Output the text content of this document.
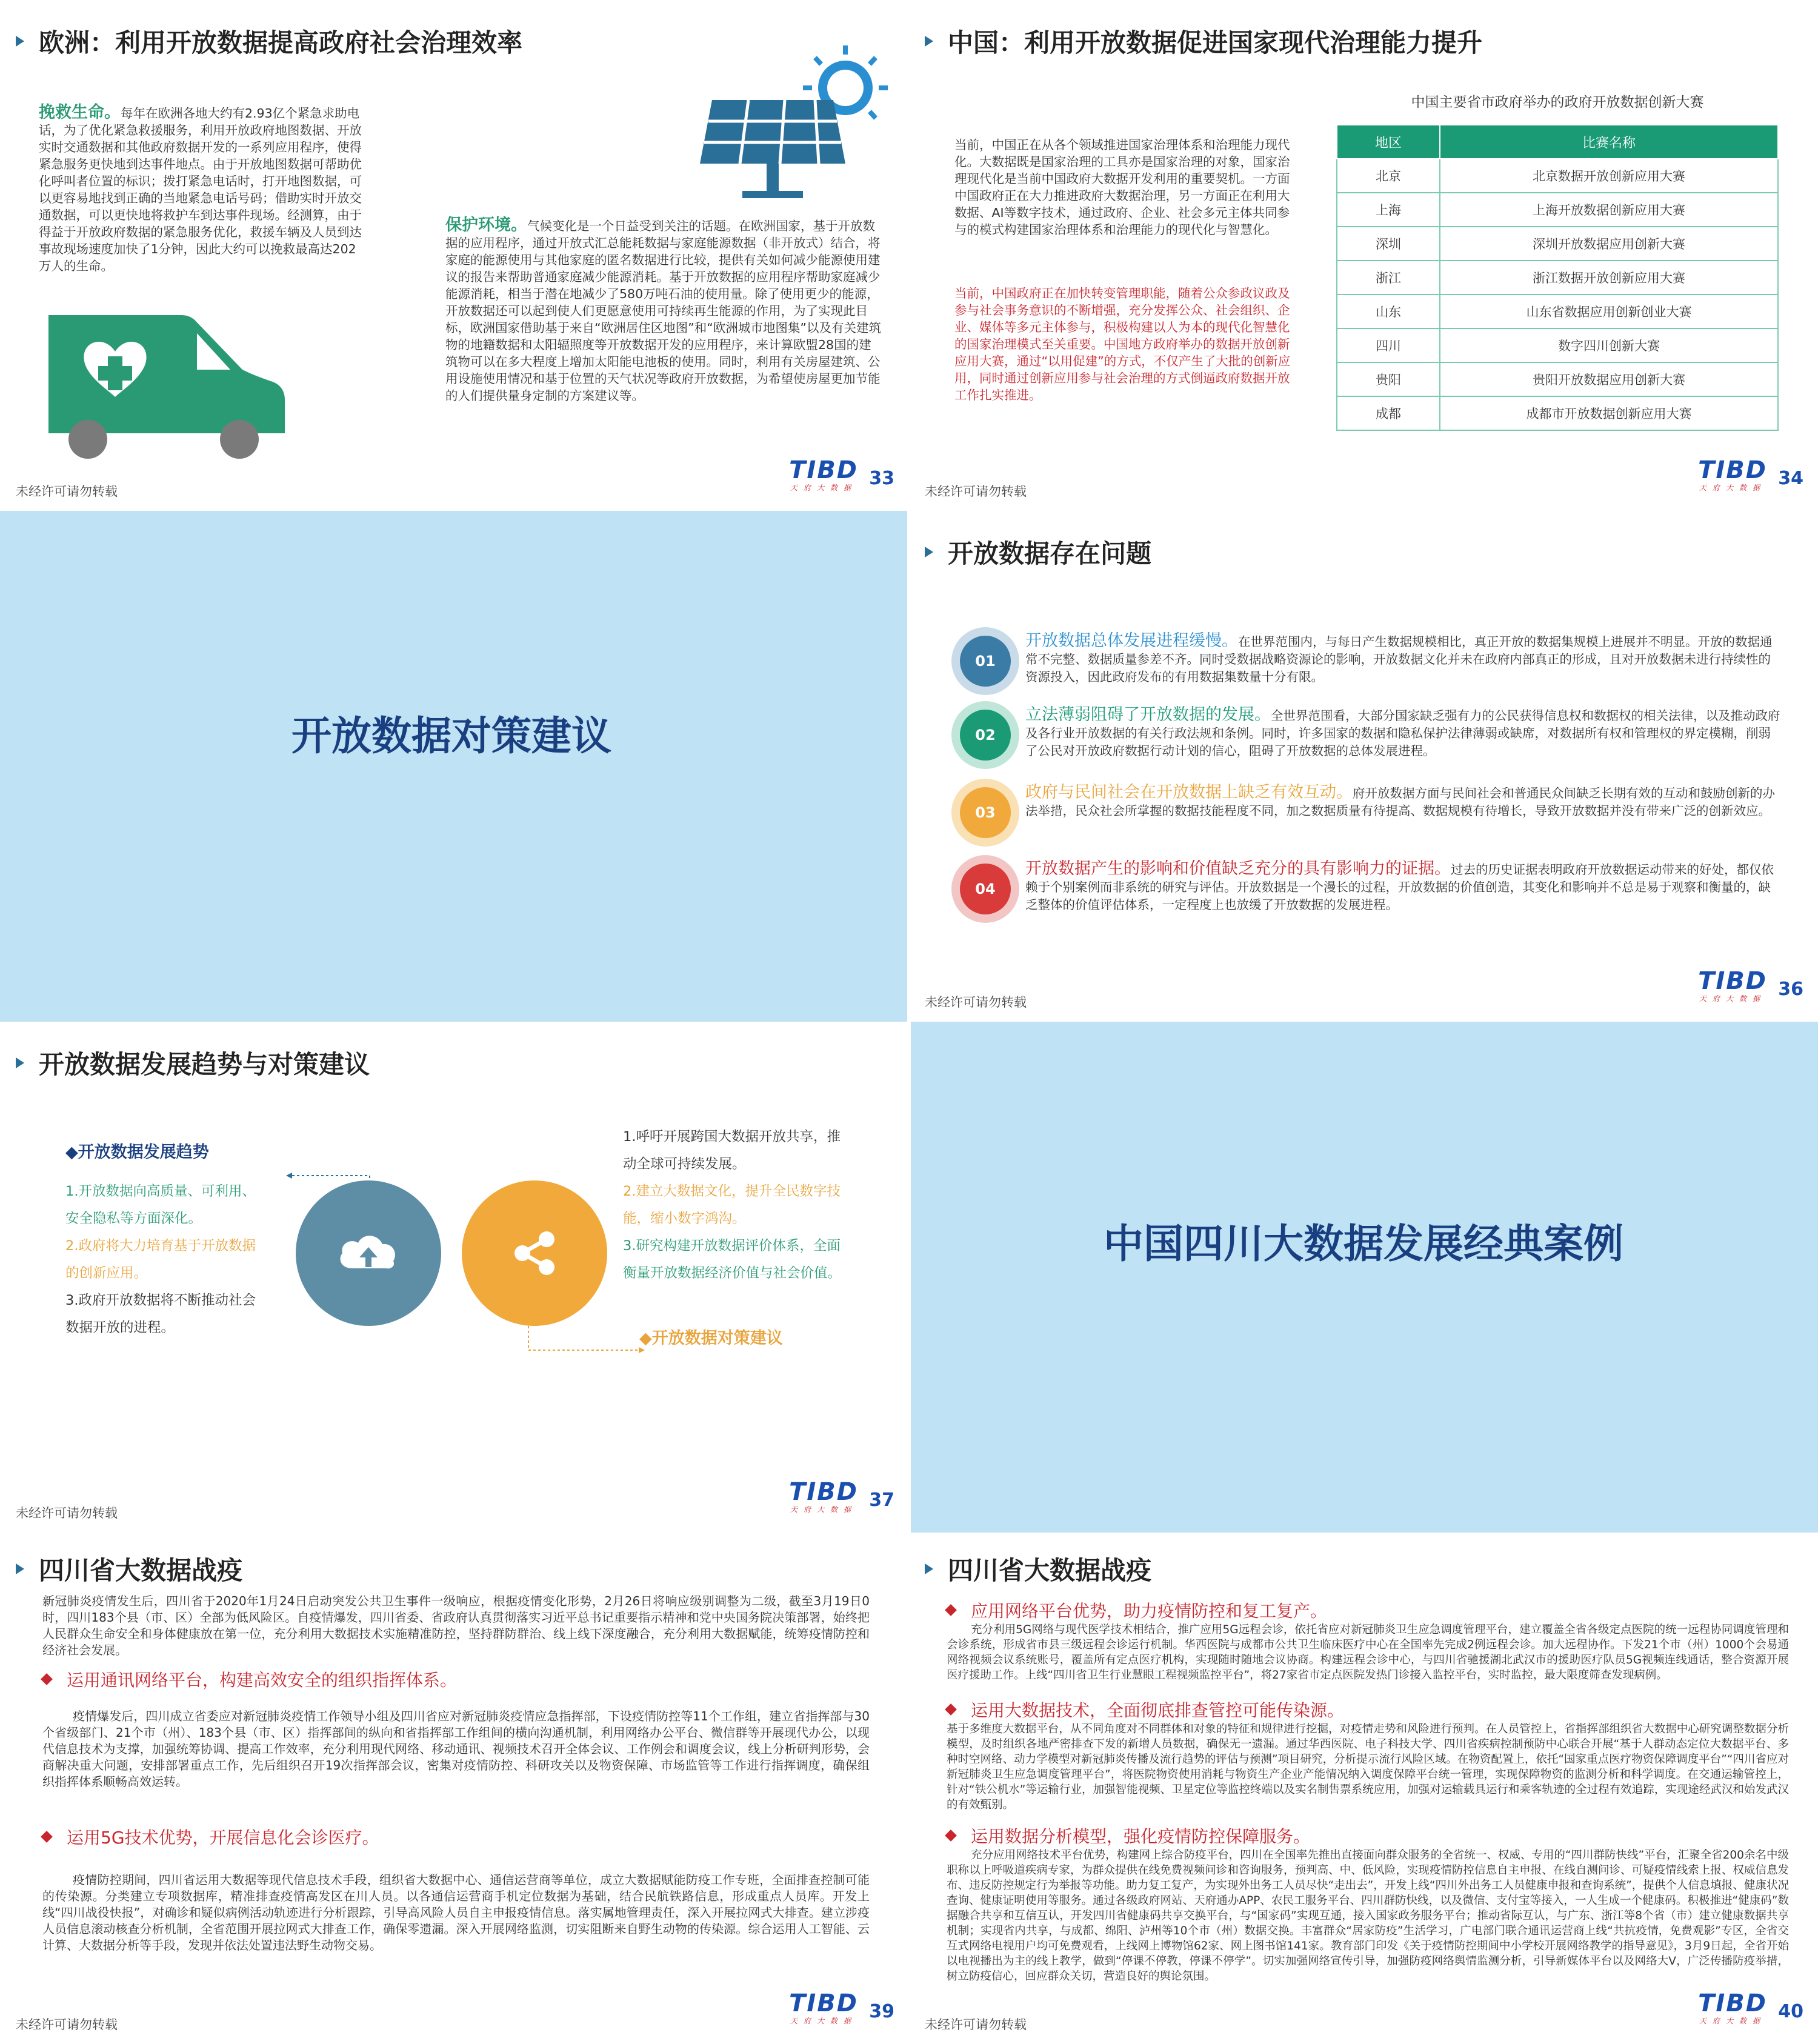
欧洲：利用开放数据提高政府社会治理效率

挽救生命。每年在欧洲各地大约有2.93亿个紧急求助电话，为了优化紧急救援服务，利用开放政府地图数据、开放实时交通数据和其他政府数据开发的一系列应用程序，使得紧急服务更快地到达事件地点。由于开放地图数据可帮助优化呼叫者位置的标识；拨打紧急电话时，打开地图数据，可以更容易地找到正确的当地紧急电话号码；借助实时开放交通数据，可以更快地将救护车到达事件现场。经测算，由于得益于开放政府数据的紧急服务优化，救援车辆及人员到达事故现场速度加快了1分钟，因此大约可以挽救最高达202万人的生命。

保护环境。气候变化是一个日益受到关注的话题。在欧洲国家，基于开放数据的应用程序，通过开放式汇总能耗数据与家庭能源数据（非开放式）结合，将家庭的能源使用与其他家庭的匿名数据进行比较，提供有关如何减少能源使用建议的报告来帮助普通家庭减少能源消耗。基于开放数据的应用程序帮助家庭减少能源消耗，相当于潜在地减少了580万吨石油的使用量。除了使用更少的能源，开放数据还可以起到使人们更愿意使用可持续再生能源的作用，为了实现此目标，欧洲国家借助基于来自“欧洲居住区地图”和“欧洲城市地图集”以及有关建筑物的地籍数据和太阳辐照度等开放数据开发的应用程序，来计算欧盟28国的建筑物可以在多大程度上增加太阳能电池板的使用。同时，利用有关房屋建筑、公用设施使用情况和基于位置的天气状况等政府开放数据，为希望使房屋更加节能的人们提供量身定制的方案建议等。

未经许可请勿转载
TIBD
天府大数据 33
中国：利用开放数据促进国家现代治理能力提升

当前，中国正在从各个领域推进国家治理体系和治理能力现代化。大数据既是国家治理的工具亦是国家治理的对象，国家治理现代化是当前中国政府大数据开发利用的重要契机。一方面中国政府正在大力推进政府大数据治理，另一方面正在利用大数据、AI等数字技术，通过政府、企业、社会多元主体共同参与的模式构建国家治理体系和治理能力的现代化与智慧化。

当前，中国政府正在加快转变管理职能，随着公众参政议政及参与社会事务意识的不断增强，充分发挥公众、社会组织、企业、媒体等多元主体参与，积极构建以人为本的现代化智慧化的国家治理模式至关重要。中国地方政府举办的数据开放创新应用大赛，通过“以用促建”的方式，不仅产生了大批的创新应用，同时通过创新应用参与社会治理的方式倒逼政府数据开放工作扎实推进。

中国主要省市政府举办的政府开放数据创新大赛
地区	比赛名称
北京	北京数据开放创新应用大赛
上海	上海开放数据创新应用大赛
深圳	深圳开放数据应用创新大赛
浙江	浙江数据开放创新应用大赛
山东	山东省数据应用创新创业大赛
四川	数字四川创新大赛
贵阳	贵阳开放数据应用创新大赛
成都	成都市开放数据创新应用大赛
未经许可请勿转载
TIBD
天府大数据 34
开放数据对策建议
开放数据存在问题
01
开放数据总体发展进程缓慢。在世界范围内，与每日产生数据规模相比，真正开放的数据集规模上进展并不明显。开放的数据通常不完整、数据质量参差不齐。同时受数据战略资源论的影响，开放数据文化并未在政府内部真正的形成，且对开放数据未进行持续性的资源投入，因此政府发布的有用数据集数量十分有限。
02
立法薄弱阻碍了开放数据的发展。全世界范围看，大部分国家缺乏强有力的公民获得信息权和数据权的相关法律，以及推动政府及各行业开放数据的有关行政法规和条例。同时，许多国家的数据和隐私保护法律薄弱或缺席，对数据所有权和管理权的界定模糊，削弱了公民对开放政府数据行动计划的信心，阻碍了开放数据的总体发展进程。
03
政府与民间社会在开放数据上缺乏有效互动。府开放数据方面与民间社会和普通民众间缺乏长期有效的互动和鼓励创新的办法举措，民众社会所掌握的数据技能程度不同，加之数据质量有待提高、数据规模有待增长，导致开放数据并没有带来广泛的创新效应。
04
开放数据产生的影响和价值缺乏充分的具有影响力的证据。过去的历史证据表明政府开放数据运动带来的好处，都仅依赖于个别案例而非系统的研究与评估。开放数据是一个漫长的过程，开放数据的价值创造，其变化和影响并不总是易于观察和衡量的，缺乏整体的价值评估体系，一定程度上也放缓了开放数据的发展进程。
未经许可请勿转载
TIBD
天府大数据 36
开放数据发展趋势与对策建议
◆开放数据发展趋势
1.开放数据向高质量、可利用、安全隐私等方面深化。
2.政府将大力培育基于开放数据的创新应用。
3.政府开放数据将不断推动社会数据开放的进程。
1.呼吁开展跨国大数据开放共享，推动全球可持续发展。
2.建立大数据文化，提升全民数字技能，缩小数字鸿沟。
3.研究构建开放数据评价体系，全面衡量开放数据经济价值与社会价值。
◆开放数据对策建议
未经许可请勿转载
TIBD
天府大数据 37
中国四川大数据发展经典案例
四川省大数据战疫

新冠肺炎疫情发生后，四川省于2020年1月24日启动突发公共卫生事件一级响应，根据疫情变化形势，2月26日将响应级别调整为二级，截至3月19日0时，四川183个县（市、区）全部为低风险区。自疫情爆发，四川省委、省政府认真贯彻落实习近平总书记重要指示精神和党中央国务院决策部署，始终把人民群众生命安全和身体健康放在第一位，充分利用大数据技术实施精准防控，坚持群防群治、线上线下深度融合，充分利用大数据赋能，统筹疫情防控和经济社会发展。

运用通讯网络平台，构建高效安全的组织指挥体系。

疫情爆发后，四川成立省委应对新冠肺炎疫情工作领导小组及四川省应对新冠肺炎疫情应急指挥部，下设疫情防控等11个工作组，建立省指挥部与30个省级部门、21个市（州）、183个县（市、区）指挥部间的纵向和省指挥部工作组间的横向沟通机制，利用网络办公平台、微信群等开展现代办公，以现代信息技术为支撑，加强统筹协调、提高工作效率，充分利用现代网络、移动通讯、视频技术召开全体会议、工作例会和调度会议，线上分析研判形势，会商解决重大问题，安排部署重点工作，先后组织召开19次指挥部会议，密集对疫情防控、科研攻关以及物资保障、市场监管等工作进行指挥调度，确保组织指挥体系顺畅高效运转。

运用5G技术优势，开展信息化会诊医疗。

疫情防控期间，四川省运用大数据等现代信息技术手段，组织省大数据中心、通信运营商等单位，成立大数据赋能防疫工作专班，全面排查控制可能的传染源。分类建立专项数据库，精准排查疫情高发区在川人员。以各通信运营商手机定位数据为基础，结合民航铁路信息，形成重点人员库。开发上线“四川战役快报”，对确诊和疑似病例活动轨迹进行分析跟踪，引导高风险人员自主申报疫情信息。落实属地管理责任，深入开展拉网式大排查。建立涉疫人员信息滚动核查分析机制，全省范围开展拉网式大排查工作，确保零遗漏。深入开展网络监测，切实阻断来自野生动物的传染源。综合运用人工智能、云计算、大数据分析等手段，发现并依法处置违法野生动物交易。

未经许可请勿转载
TIBD
天府大数据 39
四川省大数据战疫
应用网络平台优势，助力疫情防控和复工复产。

充分利用5G网络与现代医学技术相结合，推广应用5G远程会诊，依托省应对新冠肺炎卫生应急调度管理平台，建立覆盖全省各级定点医院的统一远程协同调度管理和会诊系统，形成省市县三级远程会诊运行机制。华西医院与成都市公共卫生临床医疗中心在全国率先完成2例远程会诊。加大远程协作。下发21个市（州）1000个会易通网络视频会议系统账号，覆盖所有定点医疗机构，实现随时随地会议协商。构建远程会诊中心，与四川省驰援湖北武汉市的援助医疗队员5G视频连线通话，整合资源开展医疗援助工作。上线“四川省卫生行业慧眼工程视频监控平台”，将27家省市定点医院发热门诊接入监控平台，实时监控，最大限度筛查发现病例。

运用大数据技术，全面彻底排查管控可能传染源。

基于多维度大数据平台，从不同角度对不同群体和对象的特征和规律进行挖掘，对疫情走势和风险进行预判。在人员管控上，省指挥部组织省大数据中心研究调整数据分析模型，及时组织各地严密排查下发的新增人员数据，确保无一遗漏。通过华西医院、电子科技大学、四川省疾病控制预防中心联合开展“基于人群动态定位大数据平台、多种时空网络、动力学模型对新冠肺炎传播及流行趋势的评估与预测”项目研究，分析提示流行风险区域。在物资配置上，依托“国家重点医疗物资保障调度平台”“四川省应对新冠肺炎卫生应急调度管理平台”，将医院物资使用消耗与物资生产企业产能情况纳入调度保障平台统一管理，实现保障物资的监测分析和科学调度。在交通运输管控上，针对“铁公机水”等运输行业，加强智能视频、卫星定位等监控终端以及实名制售票系统应用，加强对运输载具运行和乘客轨迹的全过程有效追踪，实现途经武汉和始发武汉的有效甄别。

运用数据分析模型，强化疫情防控保障服务。

充分应用网络技术平台优势，构建网上综合防疫平台，四川在全国率先推出直接面向群众服务的全省统一、权威、专用的“四川群防快线”平台，汇聚全省200余名中级职称以上呼吸道疾病专家，为群众提供在线免费视频问诊和咨询服务，预判高、中、低风险，实现疫情防控信息自主申报、在线自测问诊、可疑疫情线索上报、权威信息发布、违反防控规定行为举报等功能。助力复工复产，为实现外出务工人员尽快“走出去”，开发上线“四川外出务工人员健康申报和查询系统”，提供个人信息填报、健康状况查询、健康证明使用等服务。通过各级政府网站、天府通办APP、农民工服务平台、四川群防快线，以及微信、支付宝等接入，一人生成一个健康码。积极推进“健康码”数据融合共享和互信互认，开发四川省健康码共享交换平台，与“国家码”实现互通，接入国家政务服务平台；推动省际互认，与广东、浙江等8个省（市）建立健康数据共享机制；实现省内共享，与成都、绵阳、泸州等10个市（州）数据交换。丰富群众“居家防疫”生活学习，广电部门联合通讯运营商上线“共抗疫情，免费观影”专区，全省交互式网络电视用户均可免费观看，上线网上博物馆62家、网上图书馆141家。教育部门印发《关于疫情防控期间中小学校开展网络教学的指导意见》，3月9日起，全省开始以电视播出为主的线上教学，做到“停课不停教，停课不停学”。切实加强网络宣传引导，加强防疫网络舆情监测分析，引导新媒体平台以及网络大V，广泛传播防疫举措，树立防疫信心，回应群众关切，营造良好的舆论氛围。

未经许可请勿转载
TIBD
天府大数据 40
